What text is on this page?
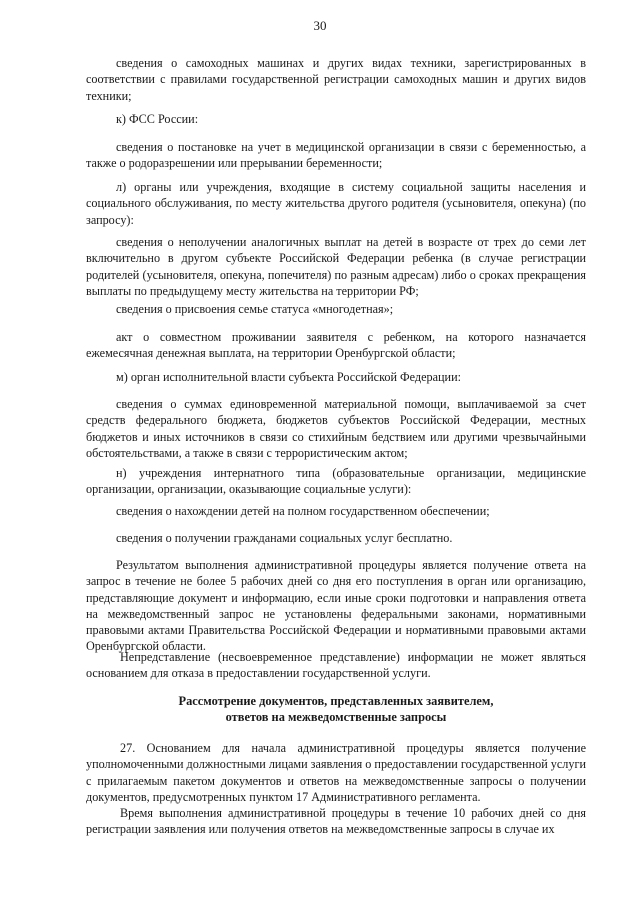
30

сведения о самоходных машинах и других видах техники, зарегистрированных в соответствии с правилами государственной регистрации самоходных машин и других видов техники;

к) ФСС России:

сведения о постановке на учет в медицинской организации в связи с беременностью, а также о родоразрешении или прерывании беременности;

л) органы или учреждения, входящие в систему социальной защиты населения и социального обслуживания, по месту жительства другого родителя (усыновителя, опекуна) (по запросу):

сведения о неполучении аналогичных выплат на детей в возрасте от трех до семи лет включительно в другом субъекте Российской Федерации ребенка (в случае регистрации родителей (усыновителя, опекуна, попечителя) по разным адресам) либо о сроках прекращения выплаты по предыдущему месту жительства на территории РФ;

сведения о присвоения семье статуса «многодетная»;

акт о совместном проживании заявителя с ребенком, на которого назначается ежемесячная денежная выплата, на территории Оренбургской области;

м) орган исполнительной власти субъекта Российской Федерации:

сведения о суммах единовременной материальной помощи, выплачиваемой за счет средств федерального бюджета, бюджетов субъектов Российской Федерации, местных бюджетов и иных источников в связи со стихийным бедствием или другими чрезвычайными обстоятельствами, а также в связи с террористическим актом;

н) учреждения интернатного типа (образовательные организации, медицинские организации, организации, оказывающие социальные услуги):

сведения о нахождении детей на полном государственном обеспечении;

сведения о получении гражданами социальных услуг бесплатно.

Результатом выполнения административной процедуры является получение ответа на запрос в течение не более 5 рабочих дней со дня его поступления в орган или организацию, представляющие документ и информацию, если иные сроки подготовки и направления ответа на межведомственный запрос не установлены федеральными законами, нормативными правовыми актами Правительства Российской Федерации и нормативными правовыми актами Оренбургской области.

Непредставление (несвоевременное представление) информации не может являться основанием для отказа в предоставлении государственной услуги.

Рассмотрение документов, представленных заявителем,
ответов на межведомственные запросы

27. Основанием для начала административной процедуры является получение уполномоченными должностными лицами заявления о предоставлении государственной услуги с прилагаемым пакетом документов и ответов на межведомственные запросы о получении документов, предусмотренных пунктом 17 Административного регламента.

Время выполнения административной процедуры в течение 10 рабочих дней со дня регистрации заявления или получения ответов на межведомственные запросы в случае их
